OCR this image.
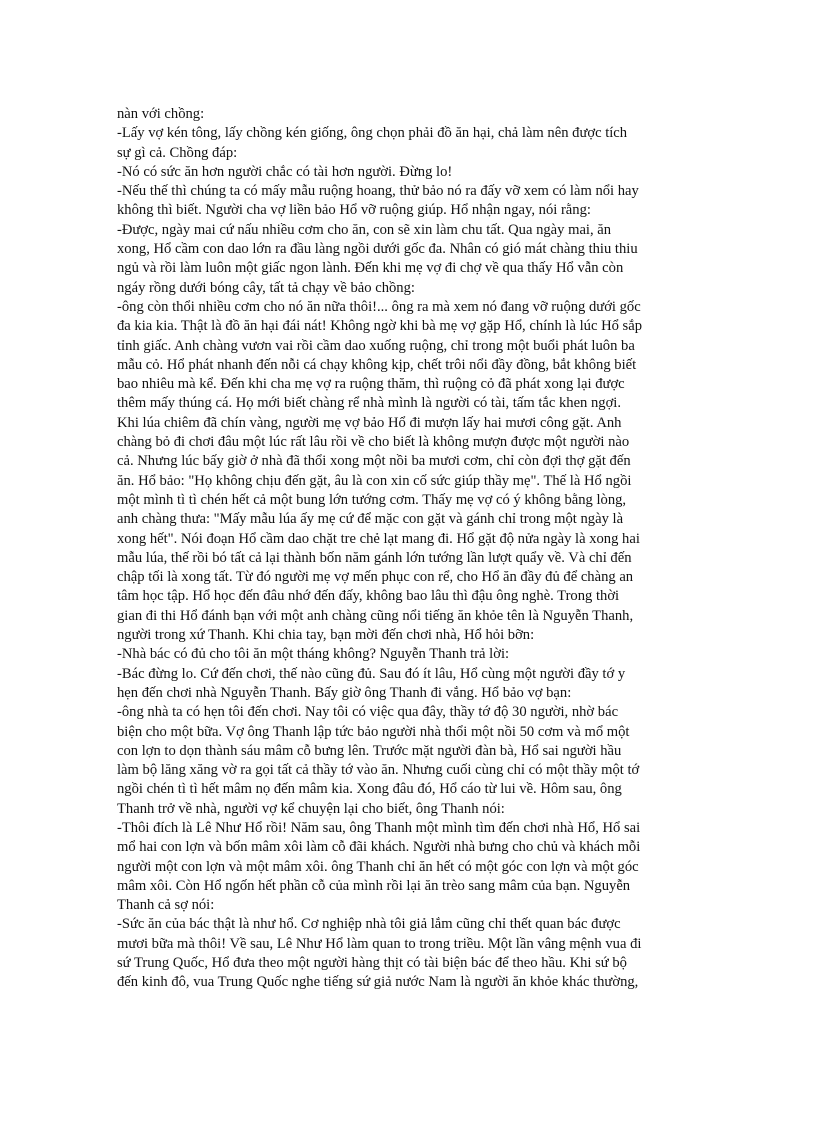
nàn với chồng:
-Lấy vợ kén tông, lấy chồng kén giống, ông chọn phải đồ ăn hại, chả làm nên được tích
sự gì cả. Chồng đáp:
-Nó có sức ăn hơn người chắc có tài hơn người. Đừng lo!
-Nếu thế thì chúng ta có mấy mẫu ruộng hoang, thử bảo nó ra đấy vỡ xem có làm nổi hay
không thì biết. Người cha vợ liền bảo Hổ vỡ ruộng giúp. Hổ nhận ngay, nói rằng:
-Được, ngày mai cứ nấu nhiều cơm cho ăn, con sẽ xin làm chu tất. Qua ngày mai, ăn
xong, Hổ cầm con dao lớn ra đầu làng ngồi dưới gốc đa. Nhân có gió mát chàng thiu thiu
ngủ và rồi làm luôn một giấc ngon lành. Đến khi mẹ vợ đi chợ về qua thấy Hổ vẫn còn
ngáy rồng dưới bóng cây, tất tả chạy về bảo chồng:
-ông còn thổi nhiều cơm cho nó ăn nữa thôi!... ông ra mà xem nó đang vỡ ruộng dưới gốc
đa kia kia. Thật là đồ ăn hại đái nát! Không ngờ khi bà mẹ vợ gặp Hổ, chính là lúc Hổ sắp
tỉnh giấc. Anh chàng vươn vai rồi cầm dao xuống ruộng, chỉ trong một buổi phát luôn ba
mẫu cỏ. Hổ phát nhanh đến nỗi cá chạy không kịp, chết trôi nổi đầy đồng, bắt không biết
bao nhiêu mà kể. Đến khi cha mẹ vợ ra ruộng thăm, thì ruộng cỏ đã phát xong lại được
thêm mấy thúng cá. Họ mới biết chàng rể nhà mình là người có tài, tấm tắc khen ngợi.
Khi lúa chiêm đã chín vàng, người mẹ vợ bảo Hổ đi mượn lấy hai mươi công gặt. Anh
chàng bỏ đi chơi đâu một lúc rất lâu rồi về cho biết là không mượn được một người nào
cả. Nhưng lúc bấy giờ ở nhà đã thổi xong một nồi ba mươi cơm, chỉ còn đợi thợ gặt đến
ăn. Hổ bảo: "Họ không chịu đến gặt, âu là con xin cố sức giúp thầy mẹ". Thế là Hổ ngồi
một mình tì tì chén hết cả một bung lớn tướng cơm. Thấy mẹ vợ có ý không bằng lòng,
anh chàng thưa: "Mấy mẫu lúa ấy mẹ cứ để mặc con gặt và gánh chỉ trong một ngày là
xong hết". Nói đoạn Hổ cầm dao chặt tre chẻ lạt mang đi. Hổ gặt độ nửa ngày là xong hai
mẫu lúa, thế rồi bó tất cả lại thành bốn năm gánh lớn tướng lần lượt quẩy về. Và chỉ đến
chập tối là xong tất. Từ đó người mẹ vợ mến phục con rể, cho Hổ ăn đầy đủ để chàng an
tâm học tập. Hổ học đến đâu nhớ đến đấy, không bao lâu thì đậu ông nghè. Trong thời
gian đi thi Hổ đánh bạn với một anh chàng cũng nổi tiếng ăn khỏe tên là Nguyễn Thanh,
người trong xứ Thanh. Khi chia tay, bạn mời đến chơi nhà, Hổ hỏi bỡn:
-Nhà bác có đủ cho tôi ăn một tháng không? Nguyễn Thanh trả lời:
-Bác đừng lo. Cứ đến chơi, thế nào cũng đủ. Sau đó ít lâu, Hổ cùng một người đầy tớ y
hẹn đến chơi nhà Nguyễn Thanh. Bấy giờ ông Thanh đi vắng. Hổ bảo vợ bạn:
-ông nhà ta có hẹn tôi đến chơi. Nay tôi có việc qua đây, thầy tớ độ 30 người, nhờ bác
biện cho một bữa. Vợ ông Thanh lập tức bảo người nhà thổi một nồi 50 cơm và mổ một
con lợn to dọn thành sáu mâm cỗ bưng lên. Trước mặt người đàn bà, Hổ sai người hầu
làm bộ lăng xăng vờ ra gọi tất cả thầy tớ vào ăn. Nhưng cuối cùng chỉ có một thầy một tớ
ngồi chén tì tì hết mâm nọ đến mâm kia. Xong đâu đó, Hổ cáo từ lui về. Hôm sau, ông
Thanh trở về nhà, người vợ kể chuyện lại cho biết, ông Thanh nói:
-Thôi đích là Lê Như Hổ rồi! Năm sau, ông Thanh một mình tìm đến chơi nhà Hổ, Hổ sai
mổ hai con lợn và bốn mâm xôi làm cỗ đãi khách. Người nhà bưng cho chủ và khách mỗi
người một con lợn và một mâm xôi. ông Thanh chỉ ăn hết có một góc con lợn và một góc
mâm xôi. Còn Hổ ngốn hết phần cỗ của mình rồi lại ăn trèo sang mâm của bạn. Nguyễn
Thanh cả sợ nói:
-Sức ăn của bác thật là như hổ. Cơ nghiệp nhà tôi giả lắm cũng chỉ thết quan bác được
mươi bữa mà thôi! Về sau, Lê Như Hổ làm quan to trong triều. Một lần vâng mệnh vua đi
sứ Trung Quốc, Hổ đưa theo một người hàng thịt có tài biện bác để theo hầu. Khi sứ bộ
đến kinh đô, vua Trung Quốc nghe tiếng sứ giả nước Nam là người ăn khỏe khác thường,
